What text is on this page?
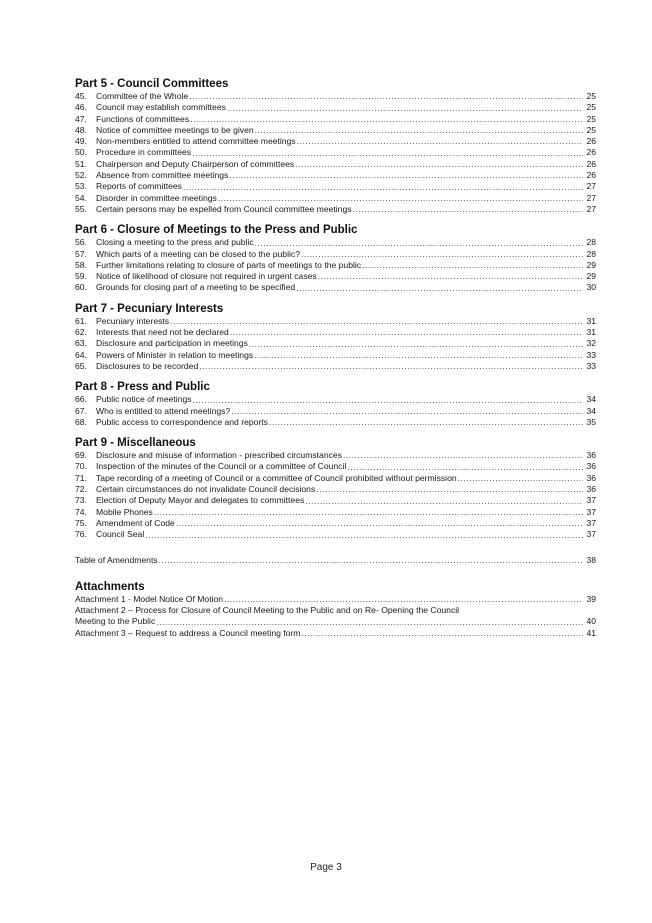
Part 5 - Council Committees
45.	Committee of the Whole .....	25
46.	Council may establish committees .....	25
47.	Functions of committees .....	25
48.	Notice of committee meetings to be given .....	25
49.	Non-members entitled to attend committee meetings .....	26
50.	Procedure in committees .....	26
51.	Chairperson and Deputy Chairperson of committees .....	26
52.	Absence from committee meetings .....	26
53.	Reports of committees .....	27
54.	Disorder in committee meetings .....	27
55.	Certain persons may be expelled from Council committee meetings .....	27
Part 6 - Closure of Meetings to the Press and Public
56.	Closing a meeting to the press and public .....	28
57.	Which parts of a meeting can be closed to the public? .....	28
58.	Further limitations relating to closure of parts of meetings to the public .....	29
59.	Notice of likelihood of closure not required in urgent cases .....	29
60.	Grounds for closing part of a meeting to be specified .....	30
Part 7 - Pecuniary Interests
61.	Pecuniary interests .....	31
62.	Interests that need not be declared .....	31
63.	Disclosure and participation in meetings .....	32
64.	Powers of Minister in relation to meetings .....	33
65.	Disclosures to be recorded .....	33
Part 8 - Press and Public
66.	Public notice of meetings .....	34
67.	Who is entitled to attend meetings? .....	34
68.	Public access to correspondence and reports .....	35
Part 9 - Miscellaneous
69.	Disclosure and misuse of information - prescribed circumstances .....	36
70.	Inspection of the minutes of the Council or a committee of Council .....	36
71.	Tape recording of a meeting of Council or a committee of Council prohibited without permission .....	36
72.	Certain circumstances do not invalidate Council decisions .....	36
73.	Election of Deputy Mayor and delegates to committees .....	37
74.	Mobile Phones .....	37
75.	Amendment of Code .....	37
76.	Council Seal .....	37
Table of Amendments .....	38
Attachments
Attachment 1 - Model Notice Of Motion .....	39
Attachment 2 – Process for Closure of Council Meeting to the Public and on Re- Opening the Council
Meeting to the Public .....	40
Attachment 3 – Request to address a Council meeting form .....	41
Page 3
